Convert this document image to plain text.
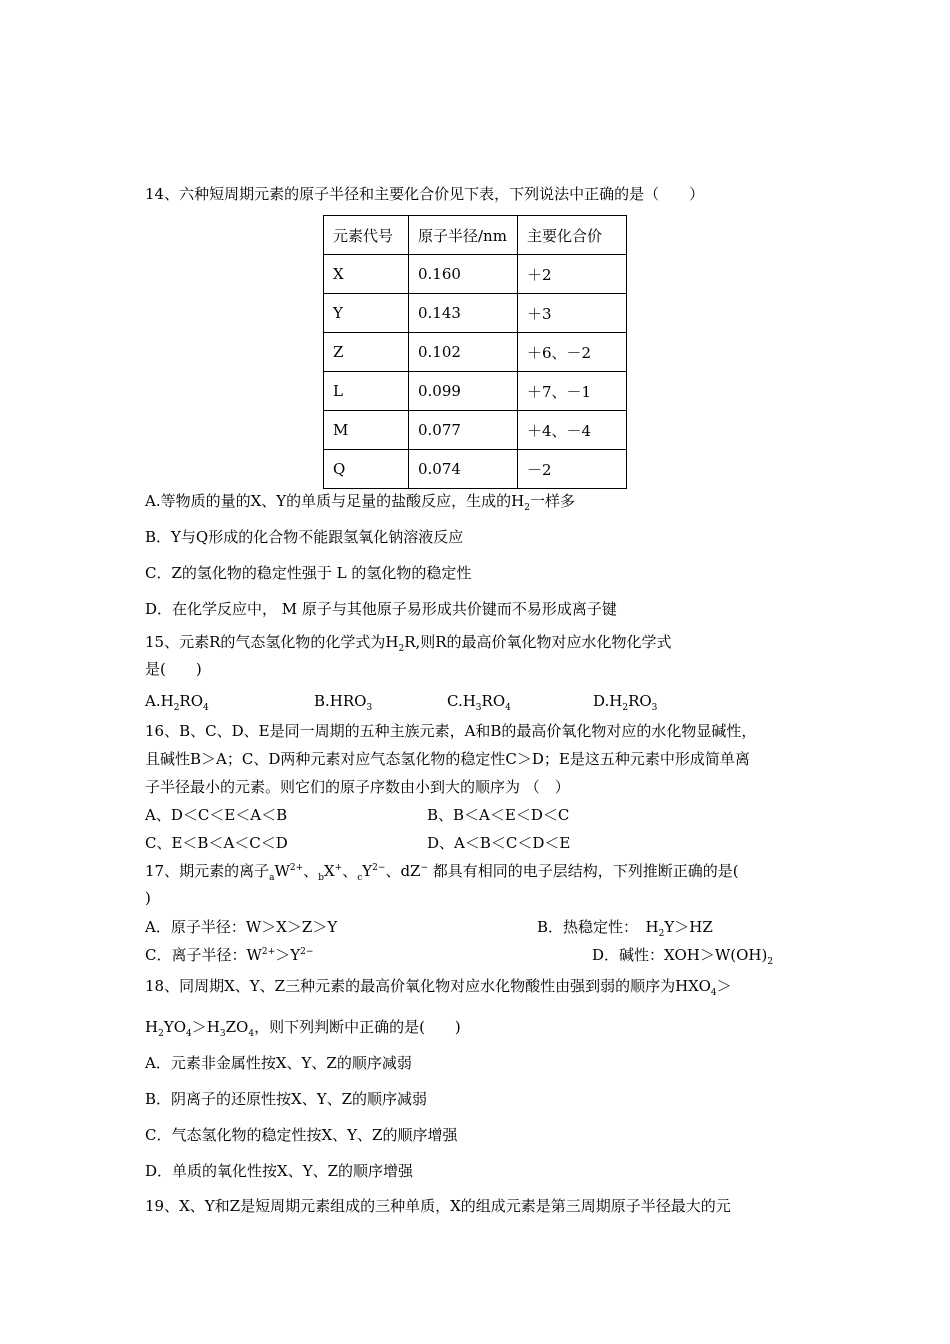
14、六种短周期元素的原子半径和主要化合价见下表，下列说法中正确的是（　　）
元素代号	原子半径/nm	主要化合价
X	0.160	＋2
Y	0.143	＋3
Z	0.102	＋6、－2
L	0.099	＋7、－1
M	0.077	＋4、－4
Q	0.074	－2
A.等物质的量的X、Y的单质与足量的盐酸反应，生成的$H_2$一样多
B．Y与Q形成的化合物不能跟氢氧化钠溶液反应
C．Z的氢化物的稳定性强于 L 的氢化物的稳定性
D．在化学反应中， M 原子与其他原子易形成共价键而不易形成离子键
15、元素R的气态氢化物的化学式为$H_2R$,则R的最高价氧化物对应水化物化学式
是(　　)
$A.H_2RO_4$	$B.HRO_3$	$C.H_3RO_4$	$D.H_2RO_3$
16、B、C、D、E是同一周期的五种主族元素，A和B的最高价氧化物对应的水化物显碱性，
且碱性B＞A；C、D两种元素对应气态氢化物的稳定性C＞D；E是这五种元素中形成简单离
子半径最小的元素。则它们的原子序数由小到大的顺序为 （　）
A、D＜C＜E＜A＜B	B、B＜A＜E＜D＜C
C、E＜B＜A＜C＜D	D、A＜B＜C＜D＜E
17、期元素的离子$_aW^{2+}$、$_b$X+、$_cY^{2-}$、dZ− 都具有相同的电子层结构，下列推断正确的是(
)
A．原子半径：W＞X＞Z＞Y	B．热稳定性：　$H_2Y>HZ$
C．离子半径：$W^{2+}>Y^{2-}$	D．碱性：$XOH>W(OH)_2$
18、同周期X、Y、Z三种元素的最高价氧化物对应水化物酸性由强到弱的顺序为$HXO_4>$
$H_2YO_4>H_3ZO_4$，则下列判断中正确的是(　　)
A．元素非金属性按X、Y、Z的顺序减弱
B．阴离子的还原性按X、Y、Z的顺序减弱
C．气态氢化物的稳定性按X、Y、Z的顺序增强
D．单质的氧化性按X、Y、Z的顺序增强
19、X、Y和Z是短周期元素组成的三种单质，X的组成元素是第三周期原子半径最大的元
